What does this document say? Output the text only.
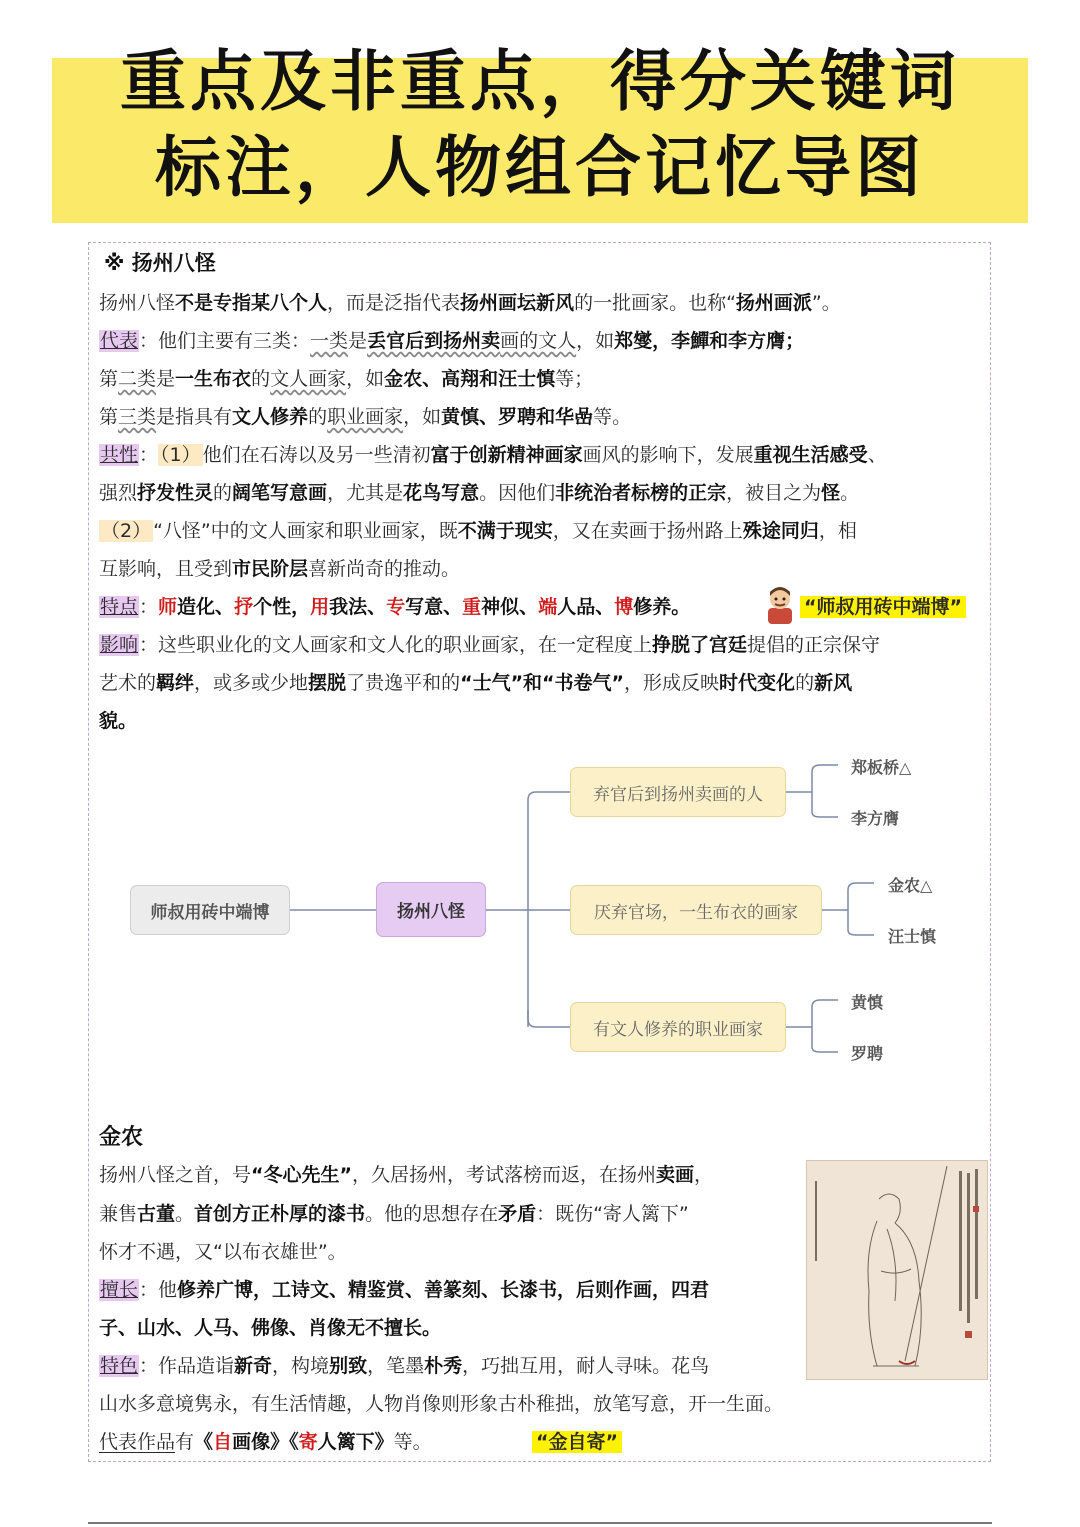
重点及非重点，得分关键词
标注，人物组合记忆导图
※ 扬州八怪
扬州八怪不是专指某八个人，而是泛指代表扬州画坛新风的一批画家。也称“扬州画派”。
代表：他们主要有三类：一类是丢官后到扬州卖画的文人，如郑燮，李鱓和李方膺；
第二类是一生布衣的文人画家，如金农、高翔和汪士慎等；
第三类是指具有文人修养的职业画家，如黄慎、罗聘和华嵒等。
共性： （1） 他们在石涛以及另一些清初富于创新精神画家画风的影响下，发展重视生活感受、
强烈抒发性灵的阔笔写意画，尤其是花鸟写意。因他们非统治者标榜的正宗，被目之为怪。
（2） “八怪”中的文人画家和职业画家，既不满于现实，又在卖画于扬州路上殊途同归，相
互影响，且受到市民阶层喜新尚奇的推动。
特点：师造化、抒个性，用我法、专写意、重神似、端人品、博修养。	“师叔用砖中端博”
影响：这些职业化的文人画家和文人化的职业画家，在一定程度上挣脱了宫廷提倡的正宗保守
艺术的羁绊，或多或少地摆脱了贵逸平和的“士气”和“书卷气”，形成反映时代变化的新风
貌。
师叔用砖中端博	扬州八怪
弃官后到扬州卖画的人
厌弃官场，一生布衣的画家
有文人修养的职业画家
郑板桥△
李方膺
金农△
汪士慎
黄慎
罗聘
金农
扬州八怪之首，号“冬心先生”，久居扬州，考试落榜而返，在扬州卖画，
兼售古董。首创方正朴厚的漆书。他的思想存在矛盾：既伤“寄人篱下”
怀才不遇，又“以布衣雄世”。
擅长：他修养广博，工诗文、精鉴赏、善篆刻、长漆书，后则作画，四君
子、山水、人马、佛像、肖像无不擅长。
特色：作品造诣新奇，构境别致，笔墨朴秀，巧拙互用，耐人寻味。花鸟
山水多意境隽永，有生活情趣，人物肖像则形象古朴稚拙，放笔写意，开一生面。
代表作品有《自画像》《寄人篱下》等。	“金自寄”
